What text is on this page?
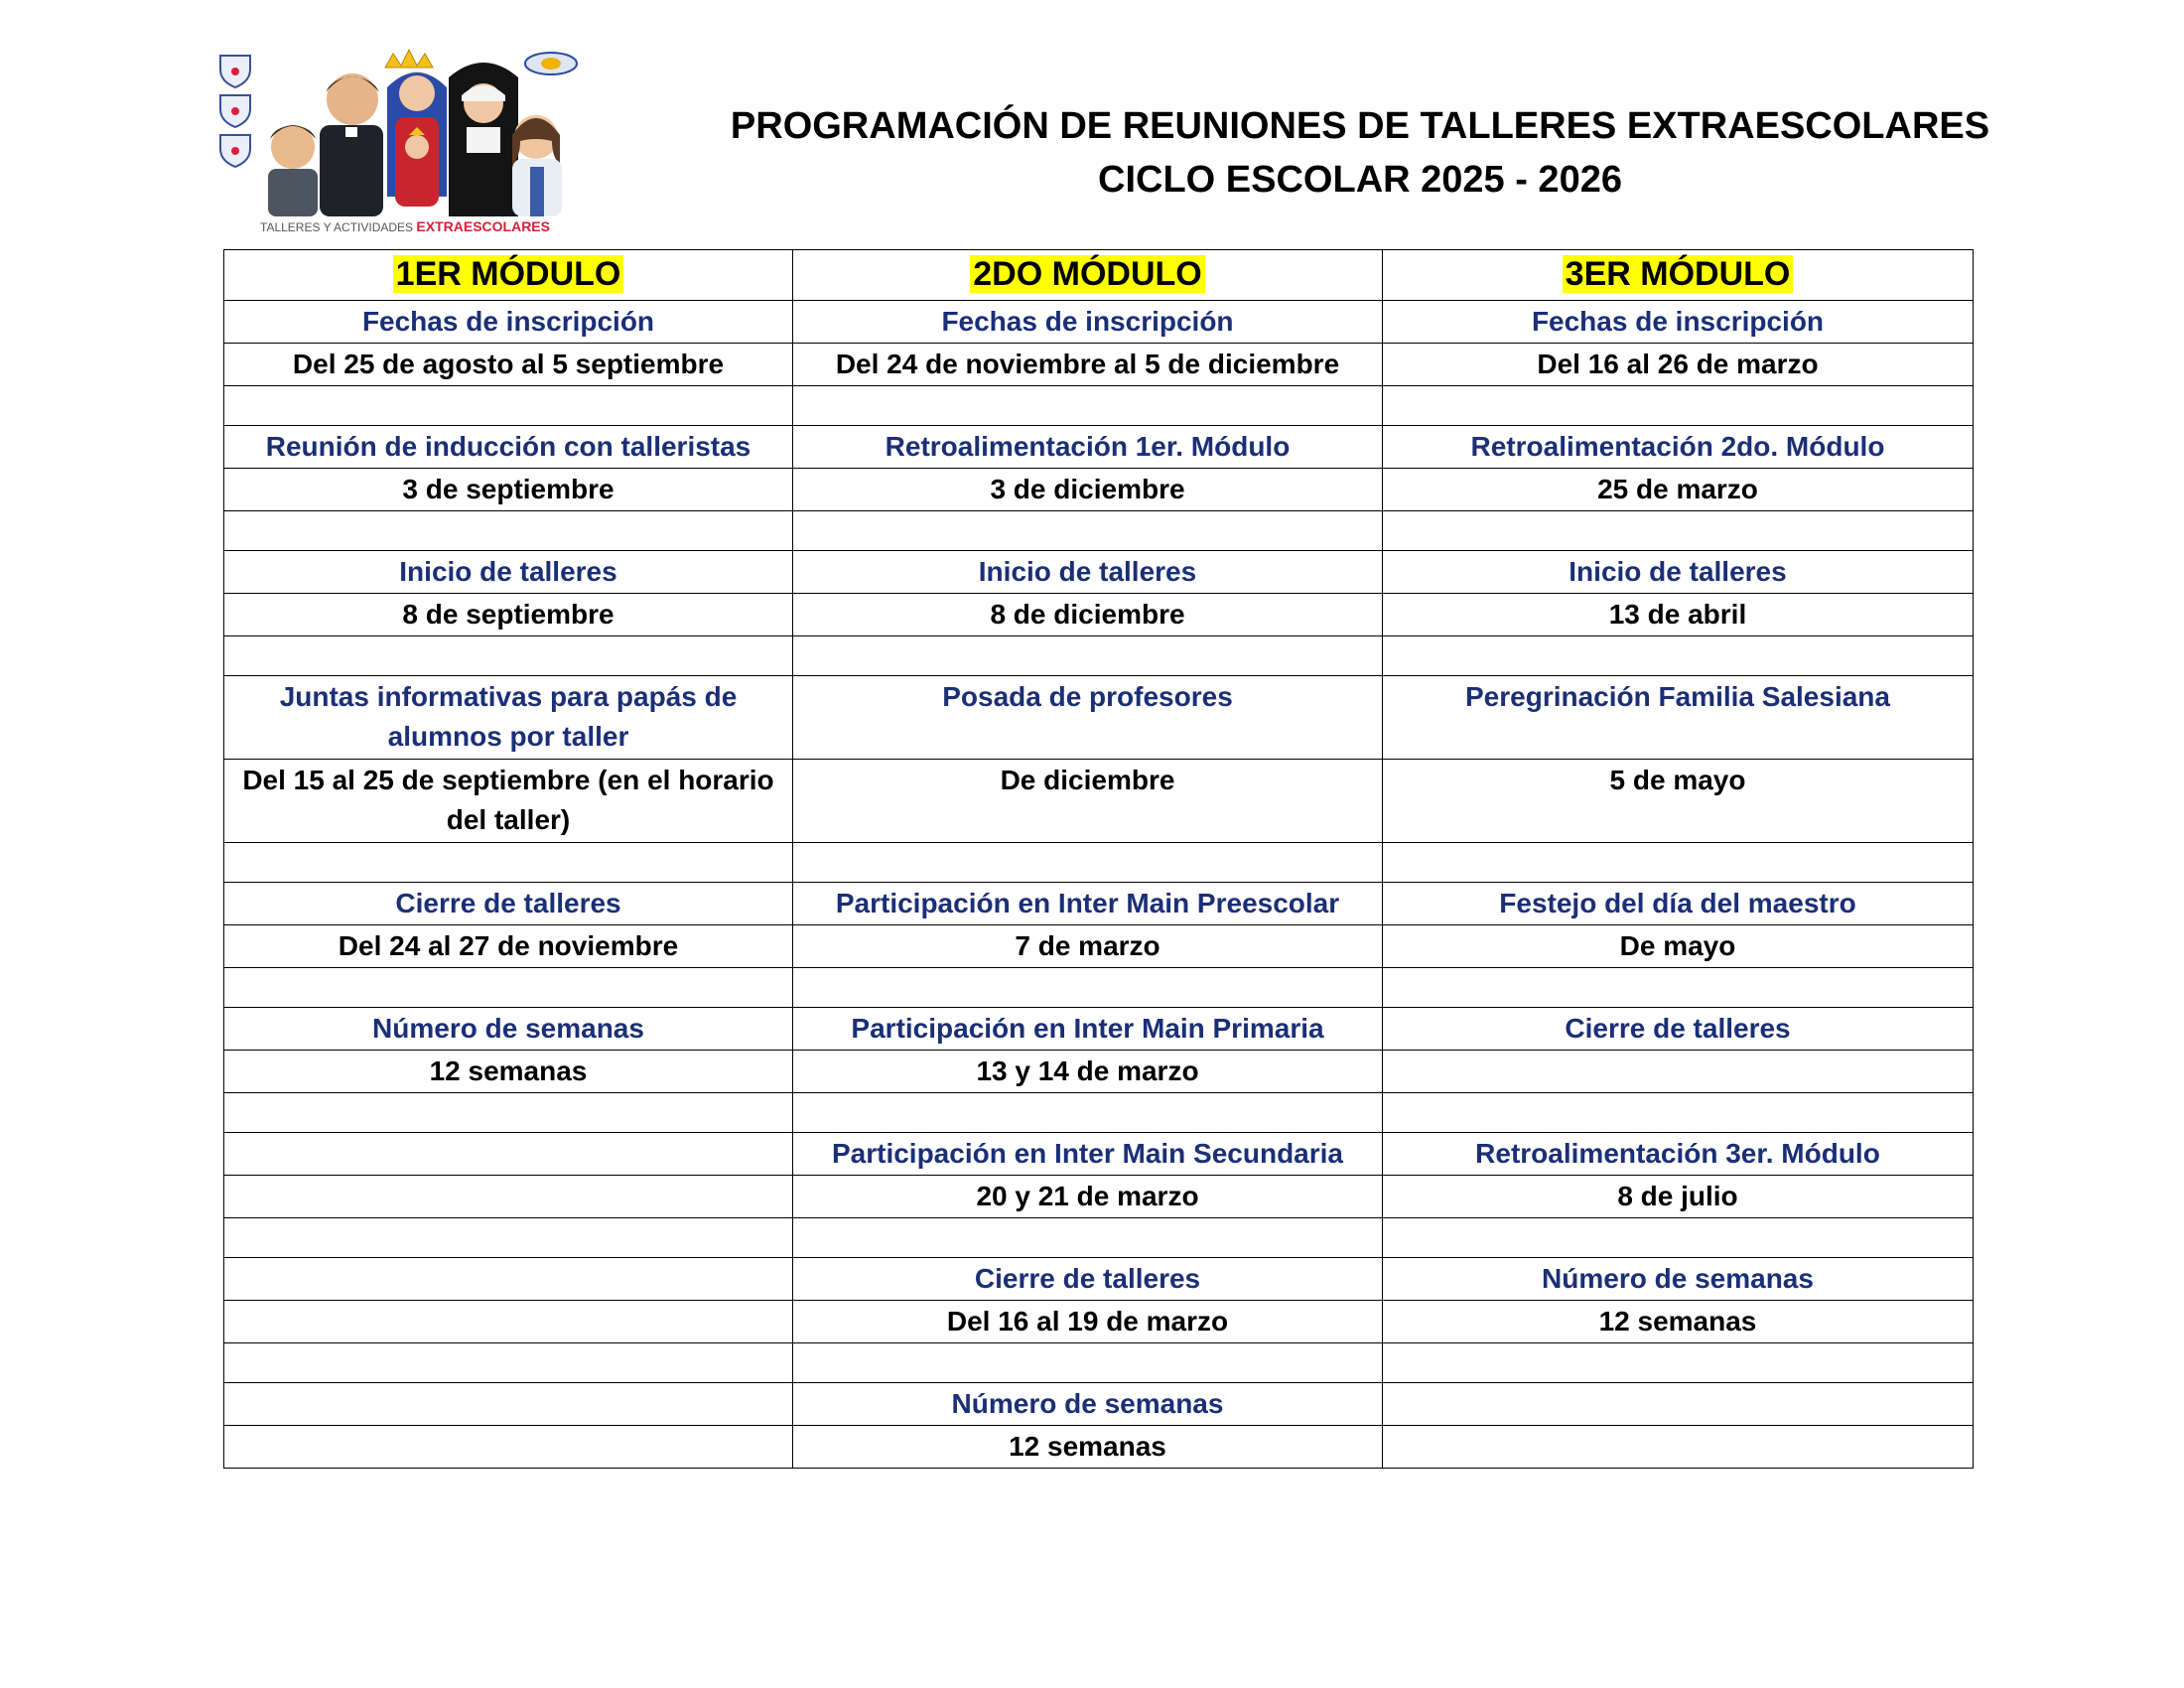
TALLERES Y ACTIVIDADES EXTRAESCOLARES
PROGRAMACIÓN DE REUNIONES DE TALLERES EXTRAESCOLARES
CICLO ESCOLAR 2025 - 2026
1ER MÓDULO	2DO MÓDULO	3ER MÓDULO
Fechas de inscripción	Fechas de inscripción	Fechas de inscripción
Del 25 de agosto al 5 septiembre	Del 24 de noviembre al 5 de diciembre	Del 16 al 26 de marzo

Reunión de inducción con talleristas	Retroalimentación 1er. Módulo	Retroalimentación 2do. Módulo
3 de septiembre	3 de diciembre	25 de marzo

Inicio de talleres	Inicio de talleres	Inicio de talleres
8 de septiembre	8 de diciembre	13 de abril

Juntas informativas para papás de alumnos por taller	Posada de profesores	Peregrinación Familia Salesiana
Del 15 al 25 de septiembre (en el horario del taller)	De diciembre	5 de mayo

Cierre de talleres	Participación en Inter Main Preescolar	Festejo del día del maestro
Del 24 al 27 de noviembre	7 de marzo	De mayo

Número de semanas	Participación en Inter Main Primaria	Cierre de talleres
12 semanas	13 y 14 de marzo	

	Participación en Inter Main Secundaria	Retroalimentación 3er. Módulo
	20 y 21 de marzo	8 de julio

	Cierre de talleres	Número de semanas
	Del 16 al 19 de marzo	12 semanas

	Número de semanas	
	12 semanas	
